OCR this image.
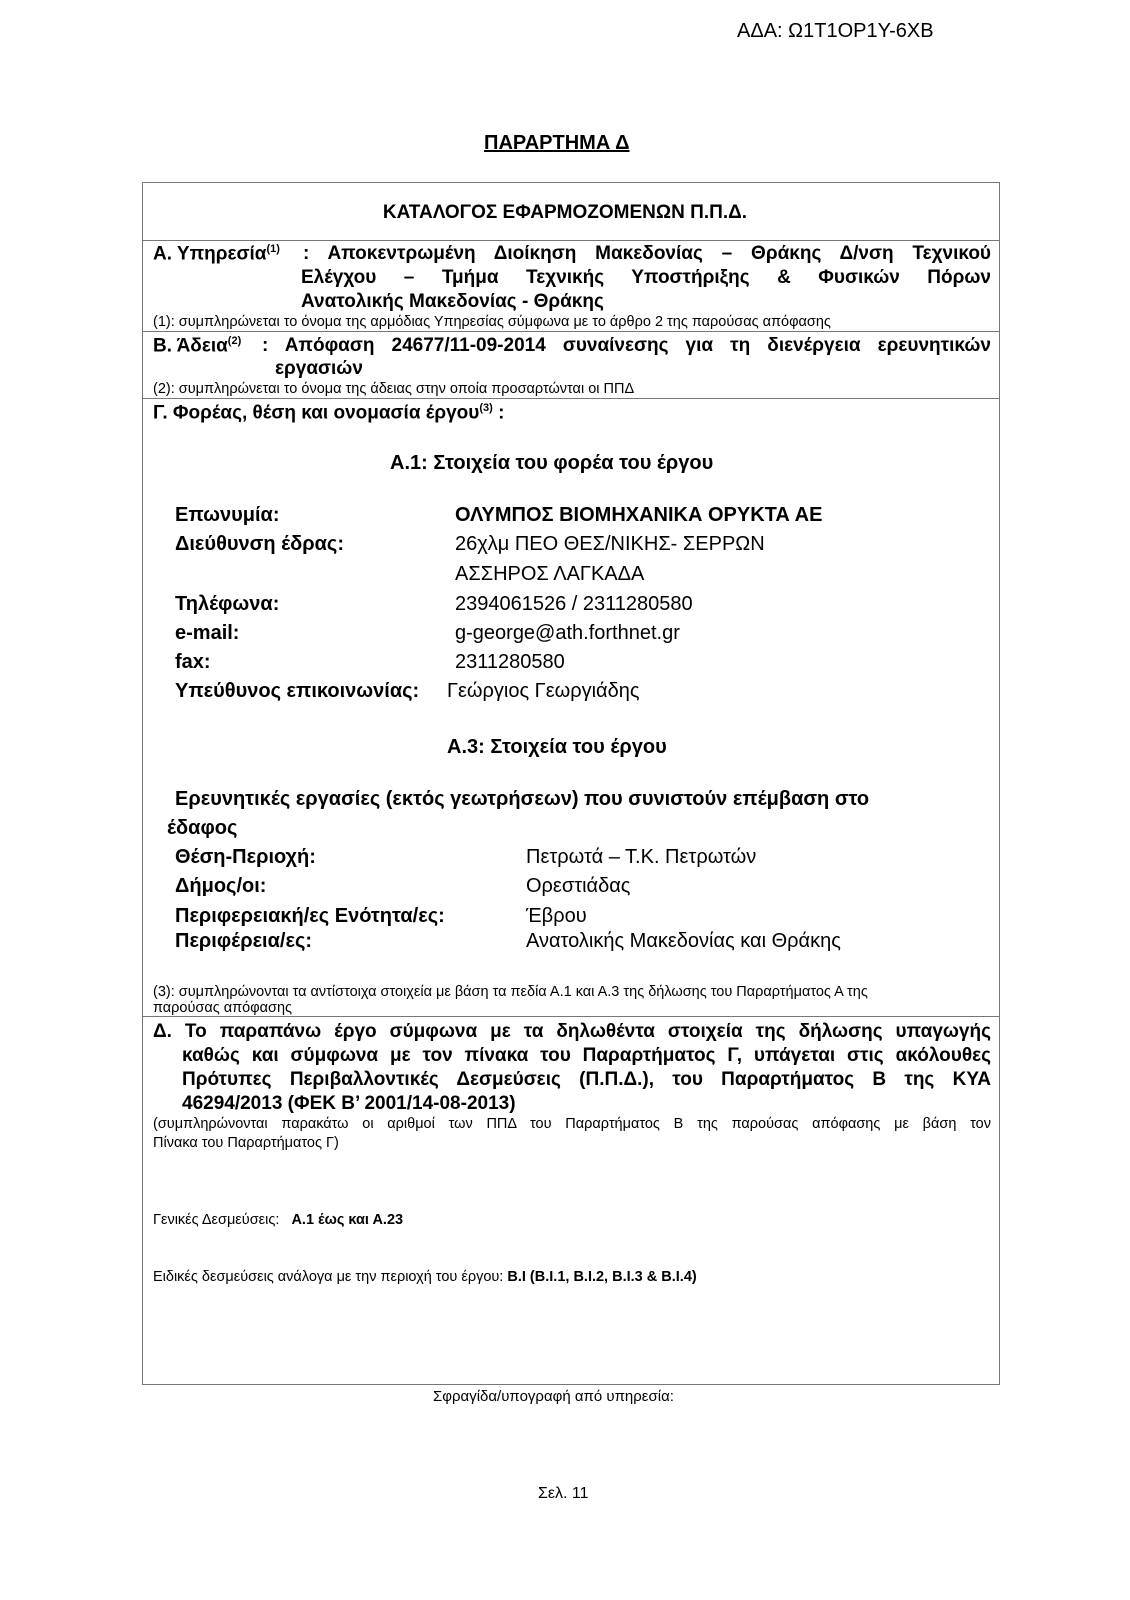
ΑΔΑ: Ω1Τ1ΟΡ1Υ-6ΧΒ
ΠΑΡΑΡΤΗΜΑ Δ
ΚΑΤΑΛΟΓΟΣ ΕΦΑΡΜΟΖΟΜΕΝΩΝ Π.Π.Δ.
Α. Υπηρεσία$^{(1)}$ : Αποκεντρωμένη Διοίκηση Μακεδονίας – Θράκης Δ/νση Τεχνικού
Ελέγχου – Τμήμα Τεχνικής Υποστήριξης & Φυσικών Πόρων
Ανατολικής Μακεδονίας - Θράκης
(1): συμπληρώνεται το όνομα της αρμόδιας Υπηρεσίας σύμφωνα με το άρθρο 2 της παρούσας απόφασης
Β. Άδεια$^{(2)}$ : Απόφαση 24677/11-09-2014 συναίνεσης για τη διενέργεια ερευνητικών
εργασιών
(2): συμπληρώνεται το όνομα της άδειας στην οποία προσαρτώνται οι ΠΠΔ
Γ. Φορέας, θέση και ονομασία έργου$^{(3)}$ :
Α.1: Στοιχεία του φορέα του έργου
Επωνυμία:	ΟΛΥΜΠΟΣ ΒΙΟΜΗΧΑΝΙΚΑ ΟΡΥΚΤΑ ΑΕ
Διεύθυνση έδρας:	26χλμ ΠΕΟ ΘΕΣ/ΝΙΚΗΣ- ΣΕΡΡΩΝ
ΑΣΣΗΡΟΣ ΛΑΓΚΑΔΑ
Τηλέφωνα:	2394061526 / 2311280580
e-mail:	g-george@ath.forthnet.gr
fax:	2311280580
Υπεύθυνος επικοινωνίας: Γεώργιος Γεωργιάδης
Α.3: Στοιχεία του έργου
Ερευνητικές εργασίες (εκτός γεωτρήσεων) που συνιστούν επέμβαση στο
έδαφος
Θέση-Περιοχή:	Πετρωτά – Τ.Κ. Πετρωτών
Δήμος/οι:	Ορεστιάδας
Περιφερειακή/ες Ενότητα/ες:	Έβρου
Περιφέρεια/ες:	Ανατολικής Μακεδονίας και Θράκης
(3): συμπληρώνονται τα αντίστοιχα στοιχεία με βάση τα πεδία Α.1 και Α.3 της δήλωσης του Παραρτήματος Α της
παρούσας απόφασης
Δ. Το παραπάνω έργο σύμφωνα με τα δηλωθέντα στοιχεία της δήλωσης υπαγωγής
καθώς και σύμφωνα με τον πίνακα του Παραρτήματος Γ, υπάγεται στις ακόλουθες
Πρότυπες Περιβαλλοντικές Δεσμεύσεις (Π.Π.Δ.), του Παραρτήματος Β της ΚΥΑ
46294/2013 (ΦΕΚ Β’ 2001/14-08-2013)
(συμπληρώνονται παρακάτω οι αριθμοί των ΠΠΔ του Παραρτήματος Β της παρούσας απόφασης με βάση τον
Πίνακα του Παραρτήματος Γ)
Γενικές Δεσμεύσεις: Α.1 έως και Α.23
Ειδικές δεσμεύσεις ανάλογα με την περιοχή του έργου: Β.Ι (Β.Ι.1, Β.Ι.2, Β.Ι.3 & Β.Ι.4)
Σφραγίδα/υπογραφή από υπηρεσία:
Σελ. 11
